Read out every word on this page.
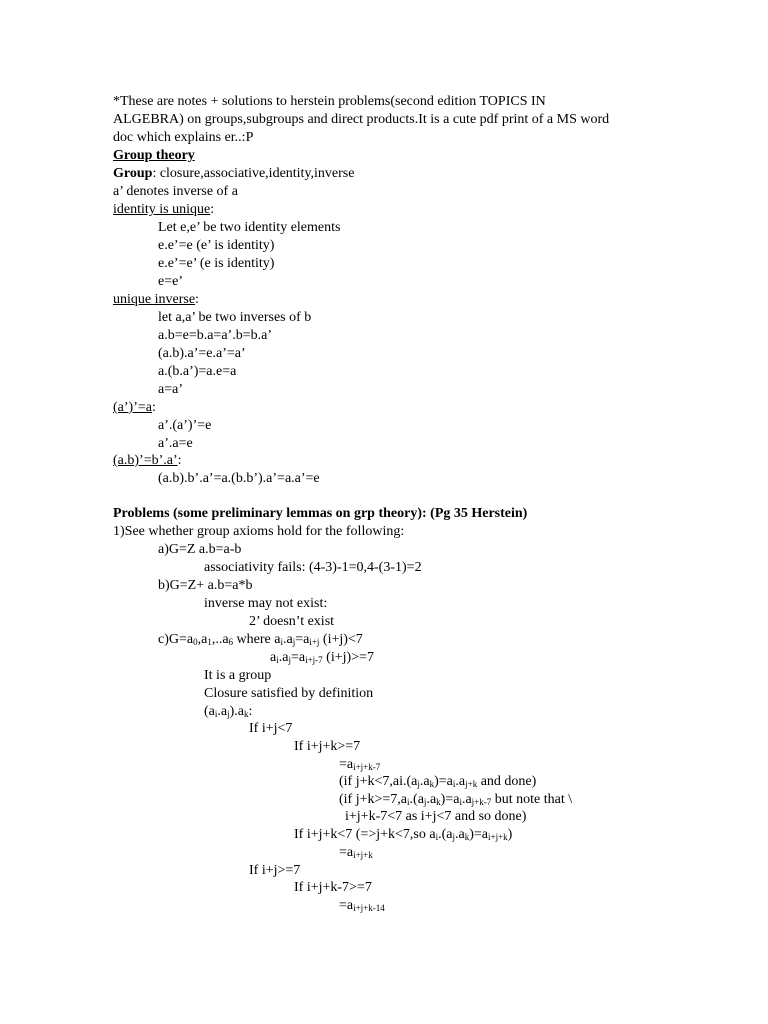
*These are notes + solutions to herstein problems(second edition TOPICS IN
ALGEBRA) on groups,subgroups and direct products.It is a cute pdf print of a MS word
doc which explains er..:P
Group theory
Group: closure,associative,identity,inverse
a’ denotes inverse of a
identity is unique:
Let e,e’ be two identity elements
e.e’=e (e’ is identity)
e.e’=e’ (e is identity)
e=e’
unique inverse:
let a,a’ be two inverses of b
a.b=e=b.a=a’.b=b.a’
(a.b).a’=e.a’=a’
a.(b.a’)=a.e=a
a=a’
(a’)’=a:
a’.(a’)’=e
a’.a=e
(a.b)’=b’.a’:
(a.b).b’.a’=a.(b.b’).a’=a.a’=e
Problems (some preliminary lemmas on grp theory): (Pg 35 Herstein)
1)See whether group axioms hold for the following:
a)G=Z a.b=a-b
associativity fails: (4-3)-1=0,4-(3-1)=2
b)G=Z+ a.b=a*b
inverse may not exist:
2’ doesn’t exist
$c)G=a_0,a_1,..a_6$ where $a_i.a_j=a_{i+j}$ (i+j)<7
$a_i.a_j=a_{i+j-7}$ (i+j)>=7
It is a group
Closure satisfied by definition
$(a_i.a_j).a_k$:
If i+j<7
If i+j+k>=7
$=a_{i+j+k-7}$
(if $j+k<7,ai.(a_j.a_k)=a_i.a_{j+k}$ and done)
(if $j+k>=7,a_i.(a_j.a_k)=a_i.a_{j+k-7}$ but note that \
i+j+k-7<7 as i+j<7 and so done)
If i+j+k<7 (=>j+k<7,so $a_i.(a_j.a_k)=a_{i+j+k}$)
$=a_{i+j+k}$
If i+j>=7
If i+j+k-7>=7
$=a_{i+j+k-14}$
